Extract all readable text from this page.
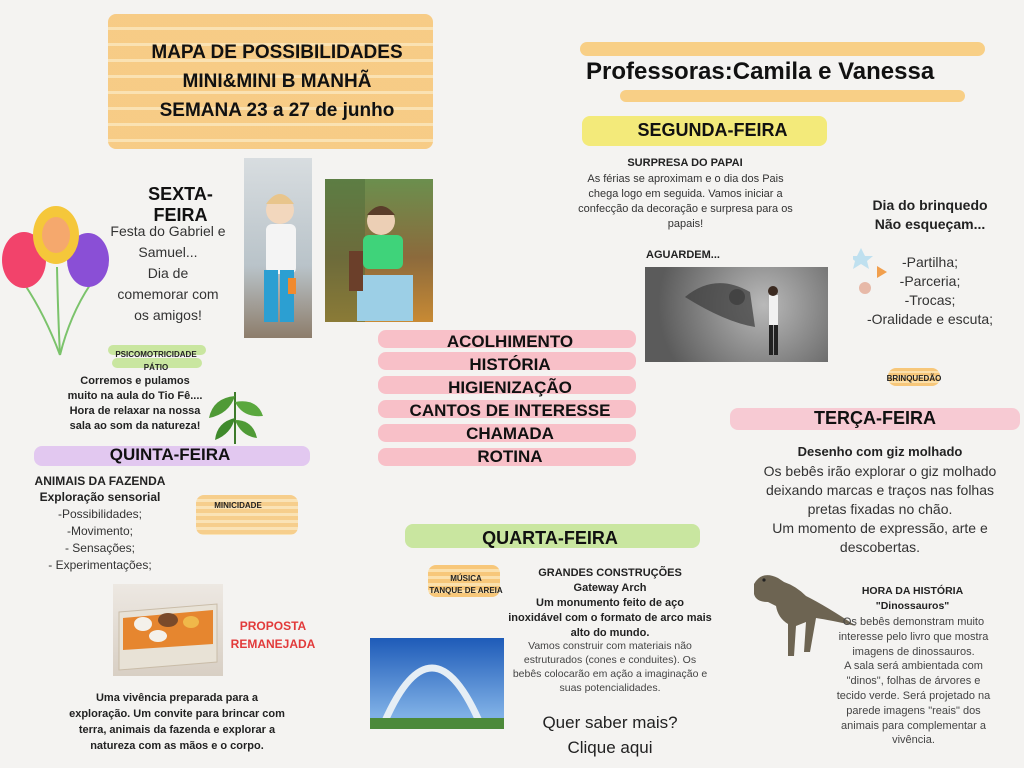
MAPA DE POSSIBILIDADES
MINI&MINI B MANHÃ
SEMANA 23 a 27 de junho
Professoras:Camila e Vanessa
SEGUNDA-FEIRA
SURPRESA DO PAPAI
As férias se aproximam e o dia dos Pais
chega logo em seguida. Vamos iniciar a
confecção da decoração e surpresa para os
papais!
AGUARDEM...
Dia do brinquedo
Não esqueçam...
-Partilha;
-Parceria;
-Trocas;
-Oralidade e escuta;
BRINQUEDÃO
ACOLHIMENTO
HISTÓRIA
HIGIENIZAÇÃO
CANTOS DE INTERESSE
CHAMADA
ROTINA
SEXTA-FEIRA
Festa do Gabriel e
Samuel...
Dia de
comemorar com
os amigos!
PSICOMOTRICIDADE
PÁTIO
Corremos e pulamos
muito na aula do Tio Fê....
Hora de relaxar na nossa
sala ao som da natureza!
QUINTA-FEIRA
ANIMAIS DA FAZENDA
Exploração sensorial
-Possibilidades;
-Movimento;
- Sensações;
- Experimentações;
MINICIDADE
PROPOSTA
REMANEJADA
Uma vivência preparada para a
exploração. Um convite para brincar com
terra, animais da fazenda e explorar a
natureza com as mãos e o corpo.
QUARTA-FEIRA
MÚSICA
TANQUE DE AREIA
GRANDES CONSTRUÇÕES
Gateway Arch
Um monumento feito de aço
inoxidável com o formato de arco mais
alto do mundo.
Vamos construir com materiais não
estruturados (cones e conduites). Os
bebês colocarão em ação a imaginação e
suas potencialidades.
Quer saber mais?
Clique aqui
TERÇA-FEIRA
Desenho com giz molhado
Os bebês irão explorar o giz molhado
deixando marcas e traços nas folhas
pretas fixadas no chão.
Um momento de expressão, arte e
descobertas.
HORA DA HISTÓRIA
"Dinossauros"
Os bebês demonstram muito
interesse pelo livro que mostra
imagens de dinossauros.
A sala será ambientada com
"dinos", folhas de árvores e
tecido verde. Será projetado na
parede imagens "reais" dos
animais para complementar a
vivência.
